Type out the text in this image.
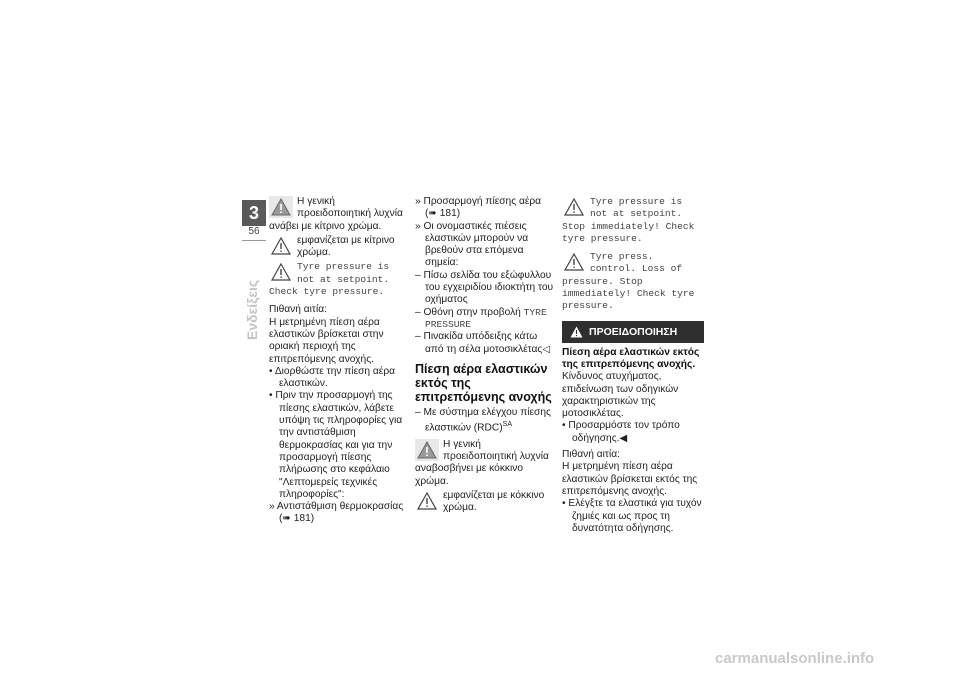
3
56
Ενδείξεις
Η γενική προειδοποιητική λυχνία ανάβει με κίτρινο χρώμα.
εμφανίζεται με κίτρινο χρώμα.
Tyre pressure is not at setpoint. Check tyre pressure.

Πιθανή αιτία:

Η μετρημένη πίεση αέρα ελαστικών βρίσκεται στην οριακή περιοχή της επιτρεπόμενης ανοχής.

• Διορθώστε την πίεση αέρα ελαστικών.

• Πριν την προσαρμογή της πίεσης ελαστικών, λάβετε υπόψη τις πληροφορίες για την αντιστάθμιση θερμοκρασίας και για την προσαρμογή πίεσης πλήρωσης στο κεφάλαιο "Λεπτομερείς τεχνικές πληροφορίες":

» Αντιστάθμιση θερμοκρασίας

(➠ 181)

» Προσαρμογή πίεσης αέρα

(➠ 181)

» Οι ονομαστικές πιέσεις ελαστικών μπορούν να βρεθούν στα επόμενα σημεία:

– Πίσω σελίδα του εξώφυλλου του εγχειριδίου ιδιοκτήτη του οχήματος

– Οθόνη στην προβολή TYRE PRESSURE

– Πινακίδα υπόδειξης κάτω από τη σέλα μοτοσικλέτας◁

Πίεση αέρα ελαστικών εκτός της επιτρεπόμενης ανοχής

– Με σύστημα ελέγχου πίεσης ελαστικών (RDC)$^{SA}$

Η γενική προειδοποιητική λυχνία αναβοσβήνει με κόκκινο χρώμα.
εμφανίζεται με κόκκινο χρώμα.
Tyre pressure is not at setpoint. Stop immediately! Check tyre pressure.
Tyre press. control. Loss of pressure. Stop immediately! Check tyre pressure.
ΠΡΟΕΙΔΟΠΟΙΗΣΗ

Πίεση αέρα ελαστικών εκτός της επιτρεπόμενης ανοχής.

Κίνδυνος ατυχήματος, επιδείνωση των οδηγικών χαρακτηριστικών της μοτοσικλέτας.

• Προσαρμόστε τον τρόπο οδήγησης.◀

Πιθανή αιτία:

Η μετρημένη πίεση αέρα ελαστικών βρίσκεται εκτός της επιτρεπόμενης ανοχής.

• Ελέγξτε τα ελαστικά για τυχόν ζημιές και ως προς τη δυνατότητα οδήγησης.

carmanualsonline.info
